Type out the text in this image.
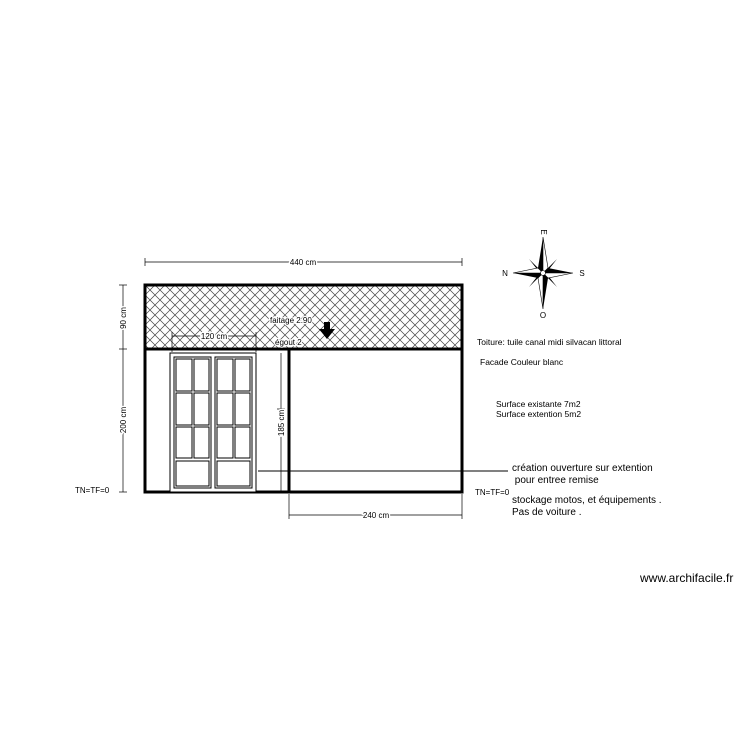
440 cm
90 cm
200 cm
120 cm
185 cm
240 cm
faitage 2.90
égout 2
TN=TF=0	TN=TF=0
Toiture: tuile canal midi silvacan littoral
Facade Couleur blanc
Surface existante 7m2
Surface extention 5m2
création ouverture sur extention
pour entree remise
stockage motos, et équipements .
Pas de voiture .
N	S
E
O
www.archifacile.fr
